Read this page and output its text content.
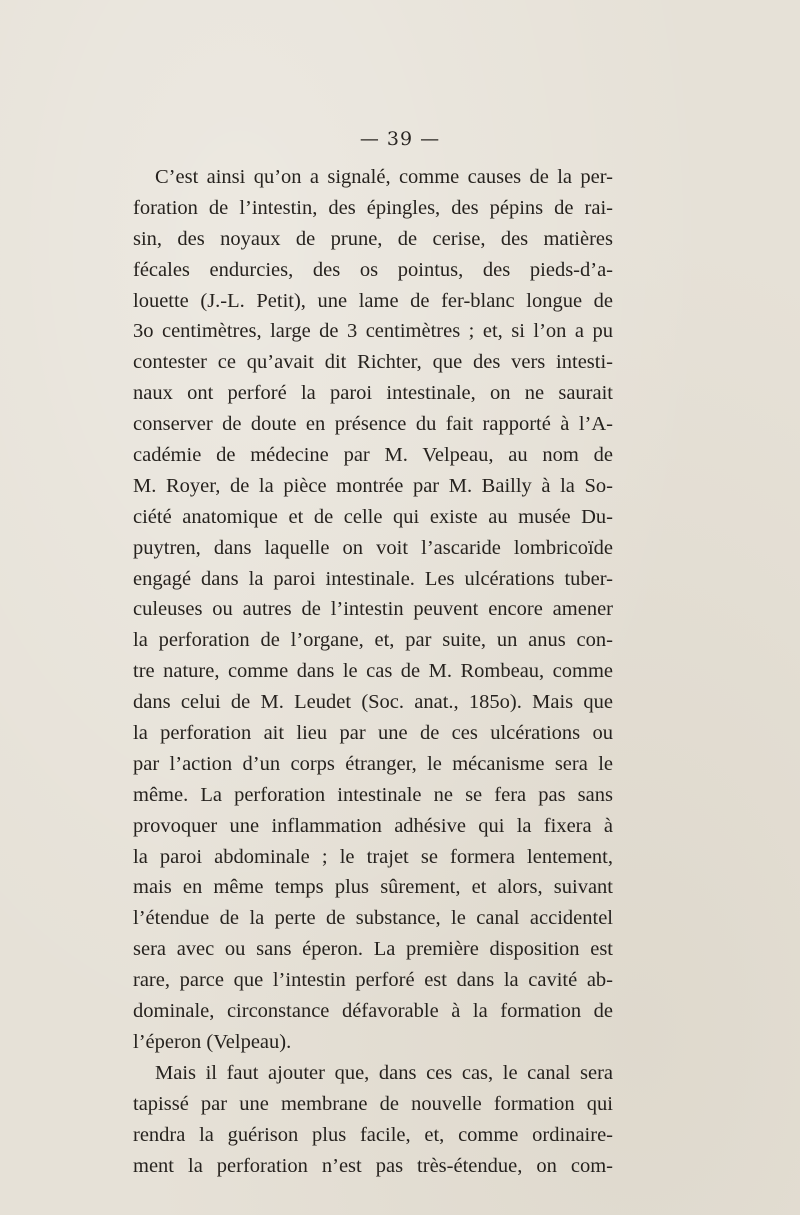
— 39 —
C’est ainsi qu’on a signalé, comme causes de la per-
foration de l’intestin, des épingles, des pépins de rai-
sin, des noyaux de prune, de cerise, des matières
fécales endurcies, des os pointus, des pieds-d’a-
louette (J.-L. Petit), une lame de fer-blanc longue de
3o centimètres, large de 3 centimètres ; et, si l’on a pu
contester ce qu’avait dit Richter, que des vers intesti-
naux ont perforé la paroi intestinale, on ne saurait
conserver de doute en présence du fait rapporté à l’A-
cadémie de médecine par M. Velpeau, au nom de
M. Royer, de la pièce montrée par M. Bailly à la So-
ciété anatomique et de celle qui existe au musée Du-
puytren, dans laquelle on voit l’ascaride lombricoïde
engagé dans la paroi intestinale. Les ulcérations tuber-
culeuses ou autres de l’intestin peuvent encore amener
la perforation de l’organe, et, par suite, un anus con-
tre nature, comme dans le cas de M. Rombeau, comme
dans celui de M. Leudet (Soc. anat., 185o). Mais que
la perforation ait lieu par une de ces ulcérations ou
par l’action d’un corps étranger, le mécanisme sera le
même. La perforation intestinale ne se fera pas sans
provoquer une inflammation adhésive qui la fixera à
la paroi abdominale ; le trajet se formera lentement,
mais en même temps plus sûrement, et alors, suivant
l’étendue de la perte de substance, le canal accidentel
sera avec ou sans éperon. La première disposition est
rare, parce que l’intestin perforé est dans la cavité ab-
dominale, circonstance défavorable à la formation de
l’éperon (Velpeau).
Mais il faut ajouter que, dans ces cas, le canal sera
tapissé par une membrane de nouvelle formation qui
rendra la guérison plus facile, et, comme ordinaire-
ment la perforation n’est pas très-étendue, on com-
